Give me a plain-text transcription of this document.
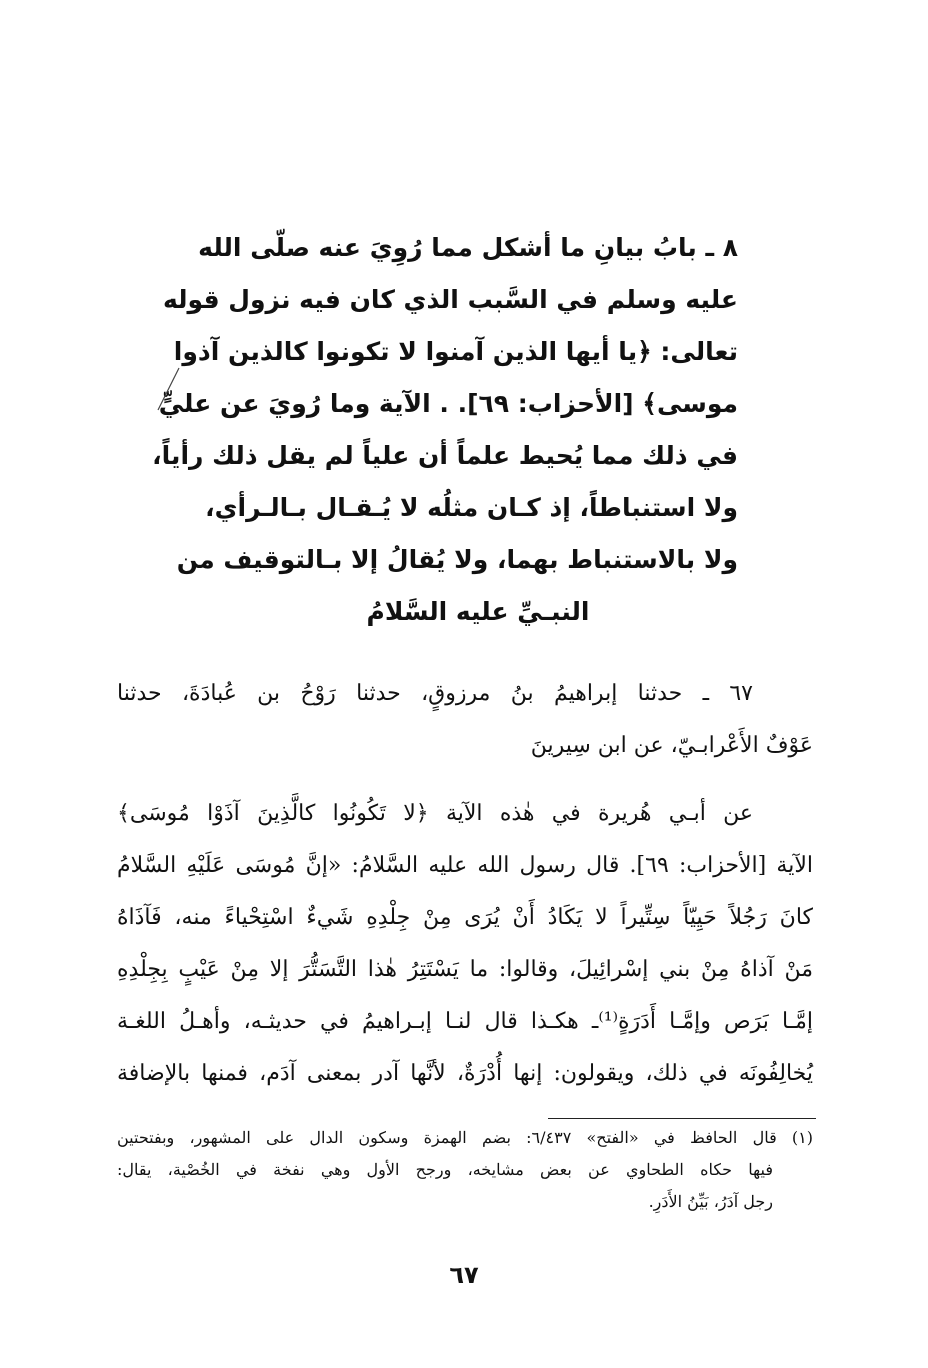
٨ ـ بابُ بيانِ ما أشكل مما رُوِيَ عنه صلّى الله
عليه وسلم في السَّبب الذي كان فيه نزول قوله
تعالى: ﴿يا أيها الذين آمنوا لا تكونوا كالذين آذوا
موسى﴾ [الأحزاب: ٦٩]. . الآية وما رُويَ عن عليٍّ
في ذلك مما يُحيط علماً أن علياً لم يقل ذلك رأياً،
ولا استنباطاً، إذ كـان مثلُه لا يُـقـال بـالـرأي،
ولا بالاستنباط بهما، ولا يُقالُ إلا بـالتوقيف من
النبـيِّ عليه السَّلامُ
٦٧ ـ حدثنا إبراهيمُ بنُ مرزوقٍ، حدثنا رَوْحُ بن عُبادَةَ، حدثنا
عَوْفٌ الأَعْرابـيّ، عن ابن سِيرينَ
عن أبـي هُريرة في هٰذه الآية ﴿لا تَكُونُوا كالَّذِينَ آذَوْا مُوسَى﴾
الآية [الأحزاب: ٦٩]. قال رسول الله عليه السَّلامُ: «إنَّ مُوسَى عَلَيْهِ السَّلامُ
كانَ رَجُلاً حَيِيّاً سِتِّيراً لا يَكَادُ أَنْ يُرَى مِنْ جِلْدِهِ شَيءٌ اسْتِحْياءً منه، فَآذَاهُ
مَنْ آذاهُ مِنْ بني إسْرائِيلَ، وقالوا: ما يَسْتَتِرُ هٰذا التَّسَتُّرَ إلا مِنْ عَيْبٍ بِجِلْدِهِ
إمَّـا بَرَص وإمَّـا أَدَرَةٍ⁽¹⁾ـ هكـذا قال لنـا إبـراهيمُ في حديثـه، وأهـلُ اللغـة
يُخالِفُونَه في ذلك، ويقولون: إنها أُدْرَةٌ، لأنَّها آدر بمعنى آدَم، فمنها بالإضافة
(١) قال الحافظ في «الفتح» ٦/٤٣٧: بضم الهمزة وسكون الدال على المشهور، وبفتحتين
فيها حكاه الطحاوي عن بعض مشايخه، ورجح الأول وهي نفخة في الخُصْية، يقال:
رجل آدَرُ، بَيِّنُ الأَدَرِ.
٦٧
